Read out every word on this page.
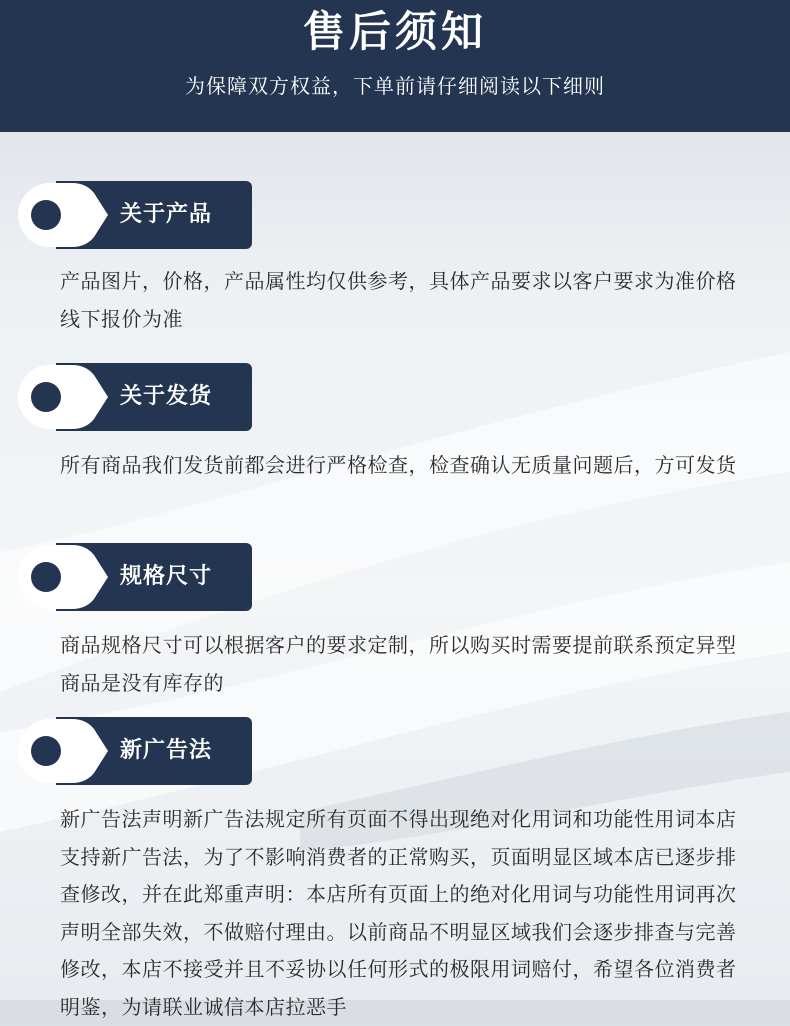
售后须知
为保障双方权益，下单前请仔细阅读以下细则
关于产品
产品图片，价格，产品属性均仅供参考，具体产品要求以客户要求为准价格线下报价为准
关于发货
所有商品我们发货前都会进行严格检查，检查确认无质量问题后，方可发货
规格尺寸
商品规格尺寸可以根据客户的要求定制，所以购买时需要提前联系预定异型商品是没有库存的
新广告法
新广告法声明新广告法规定所有页面不得出现绝对化用词和功能性用词本店支持新广告法，为了不影响消费者的正常购买，页面明显区域本店已逐步排查修改，并在此郑重声明：本店所有页面上的绝对化用词与功能性用词再次声明全部失效，不做赔付理由。以前商品不明显区域我们会逐步排查与完善修改，本店不接受并且不妥协以任何形式的极限用词赔付，希望各位消费者明鉴，为请联业诚信本店拉恶手
